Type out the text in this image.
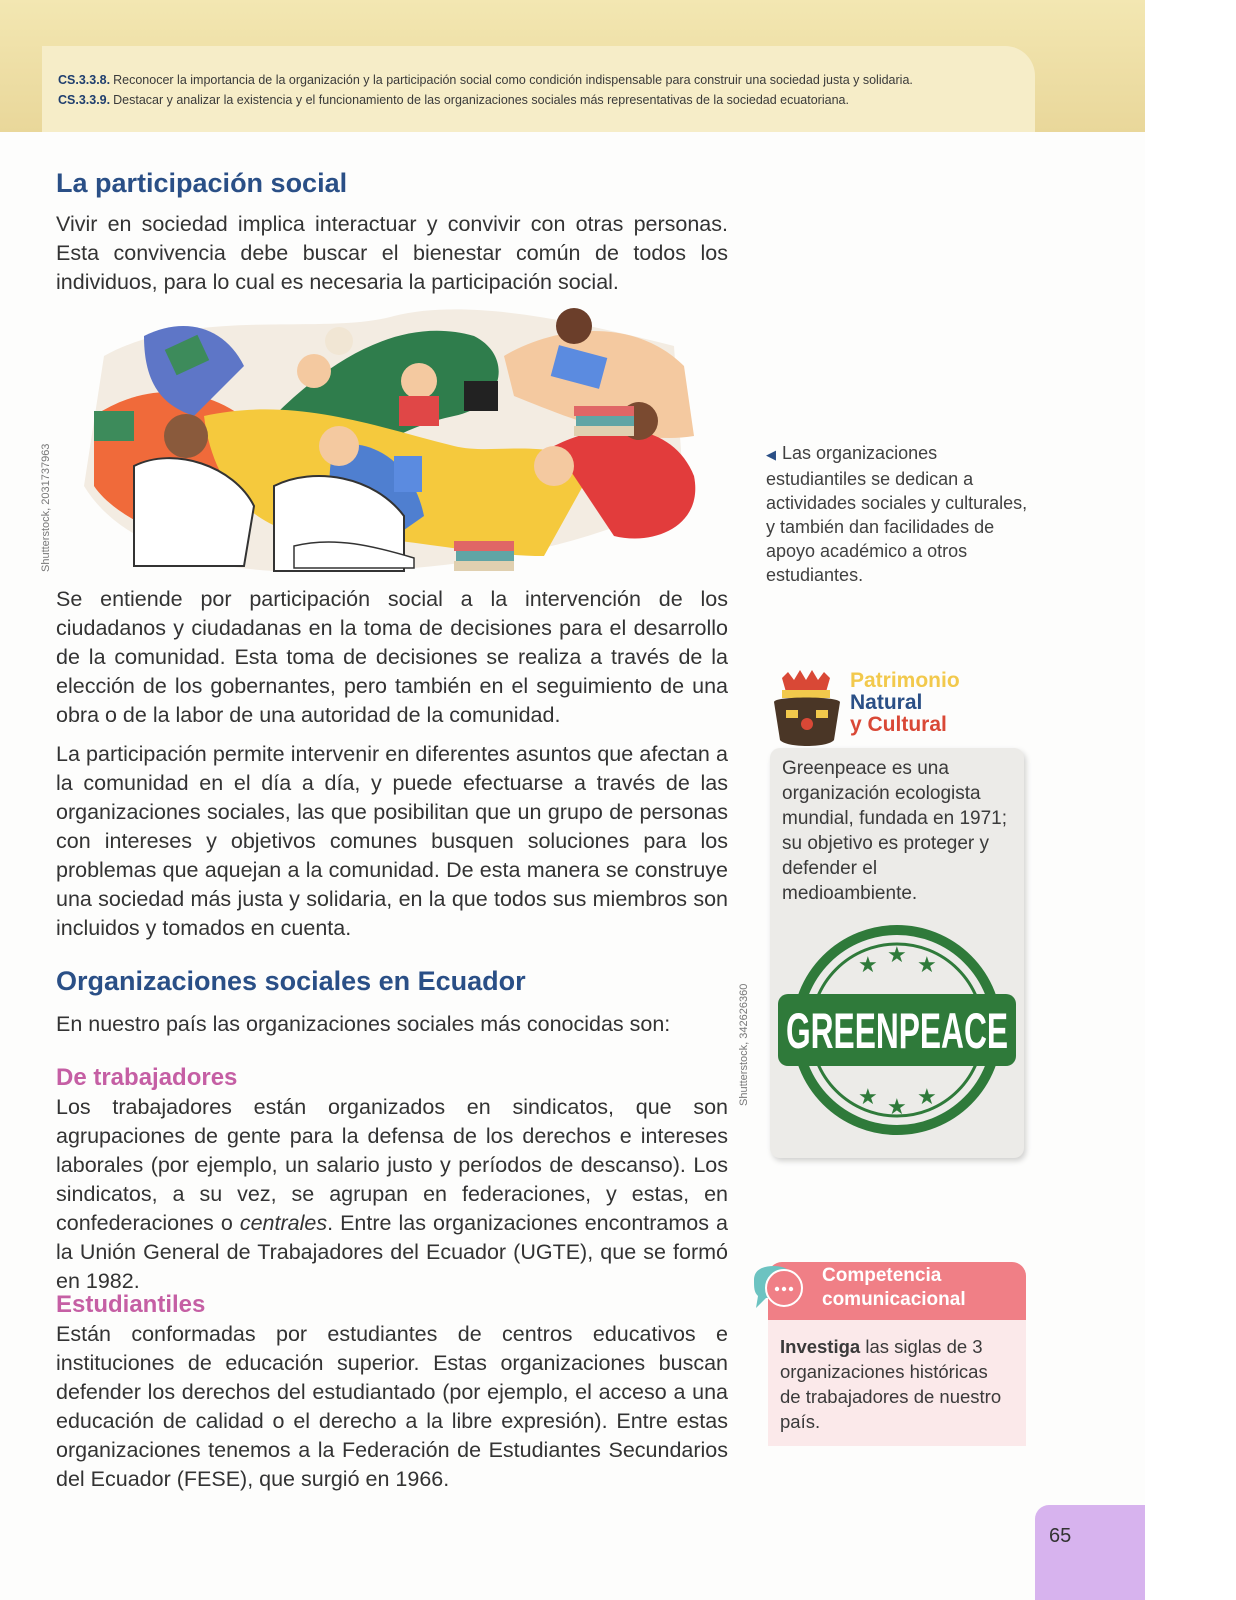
CS.3.3.8. Reconocer la importancia de la organización y la participación social como condición indispensable para construir una sociedad justa y solidaria.
CS.3.3.9. Destacar y analizar la existencia y el funcionamiento de las organizaciones sociales más representativas de la sociedad ecuatoriana.
La participación social

Vivir en sociedad implica interactuar y convivir con otras personas. Esta convivencia debe buscar el bienestar común de todos los individuos, para lo cual es necesaria la participación social.

Shutterstock, 2031737963	◀ Las organizaciones estudiantiles se dedican a actividades sociales y culturales, y también dan facilidades de apoyo académico a otros estudiantes.

Se entiende por participación social a la intervención de los ciudadanos y ciudadanas en la toma de decisiones para el desarrollo de la comunidad. Esta toma de decisiones se realiza a través de la elección de los gobernantes, pero también en el seguimiento de una obra o de la labor de una autoridad de la comunidad.

La participación permite intervenir en diferentes asuntos que afectan a la comunidad en el día a día, y puede efectuarse a través de las organizaciones sociales, las que posibilitan que un grupo de personas con intereses y objetivos comunes busquen soluciones para los problemas que aquejan a la comunidad. De esta manera se construye una sociedad más justa y solidaria, en la que todos sus miembros son incluidos y tomados en cuenta.

Organizaciones sociales en Ecuador

En nuestro país las organizaciones sociales más conocidas son:

De trabajadores

Los trabajadores están organizados en sindicatos, que son agrupaciones de gente para la defensa de los derechos e intereses laborales (por ejemplo, un salario justo y períodos de descanso). Los sindicatos, a su vez, se agrupan en federaciones, y estas, en confederaciones o centrales. Entre las organizaciones encontramos a la Unión General de Trabajadores del Ecuador (UGTE), que se formó en 1982.

Estudiantiles

Están conformadas por estudiantes de centros educativos e instituciones de educación superior. Estas organizaciones buscan defender los derechos del estudiantado (por ejemplo, el acceso a una educación de calidad o el derecho a la libre expresión). Entre estas organizaciones tenemos a la Federación de Estudiantes Secundarios del Ecuador (FESE), que surgió en 1966.

Patrimonio
Natural
y Cultural
Greenpeace es una organización ecologista mundial, fundada en 1971; su objetivo es proteger y defender el medioambiente.
★ ★ ★
★ ★ ★
GREENPEACE
Shutterstock, 342626360
Competencia comunicacional
Investiga las siglas de 3 organizaciones históricas de trabajadores de nuestro país.
65
